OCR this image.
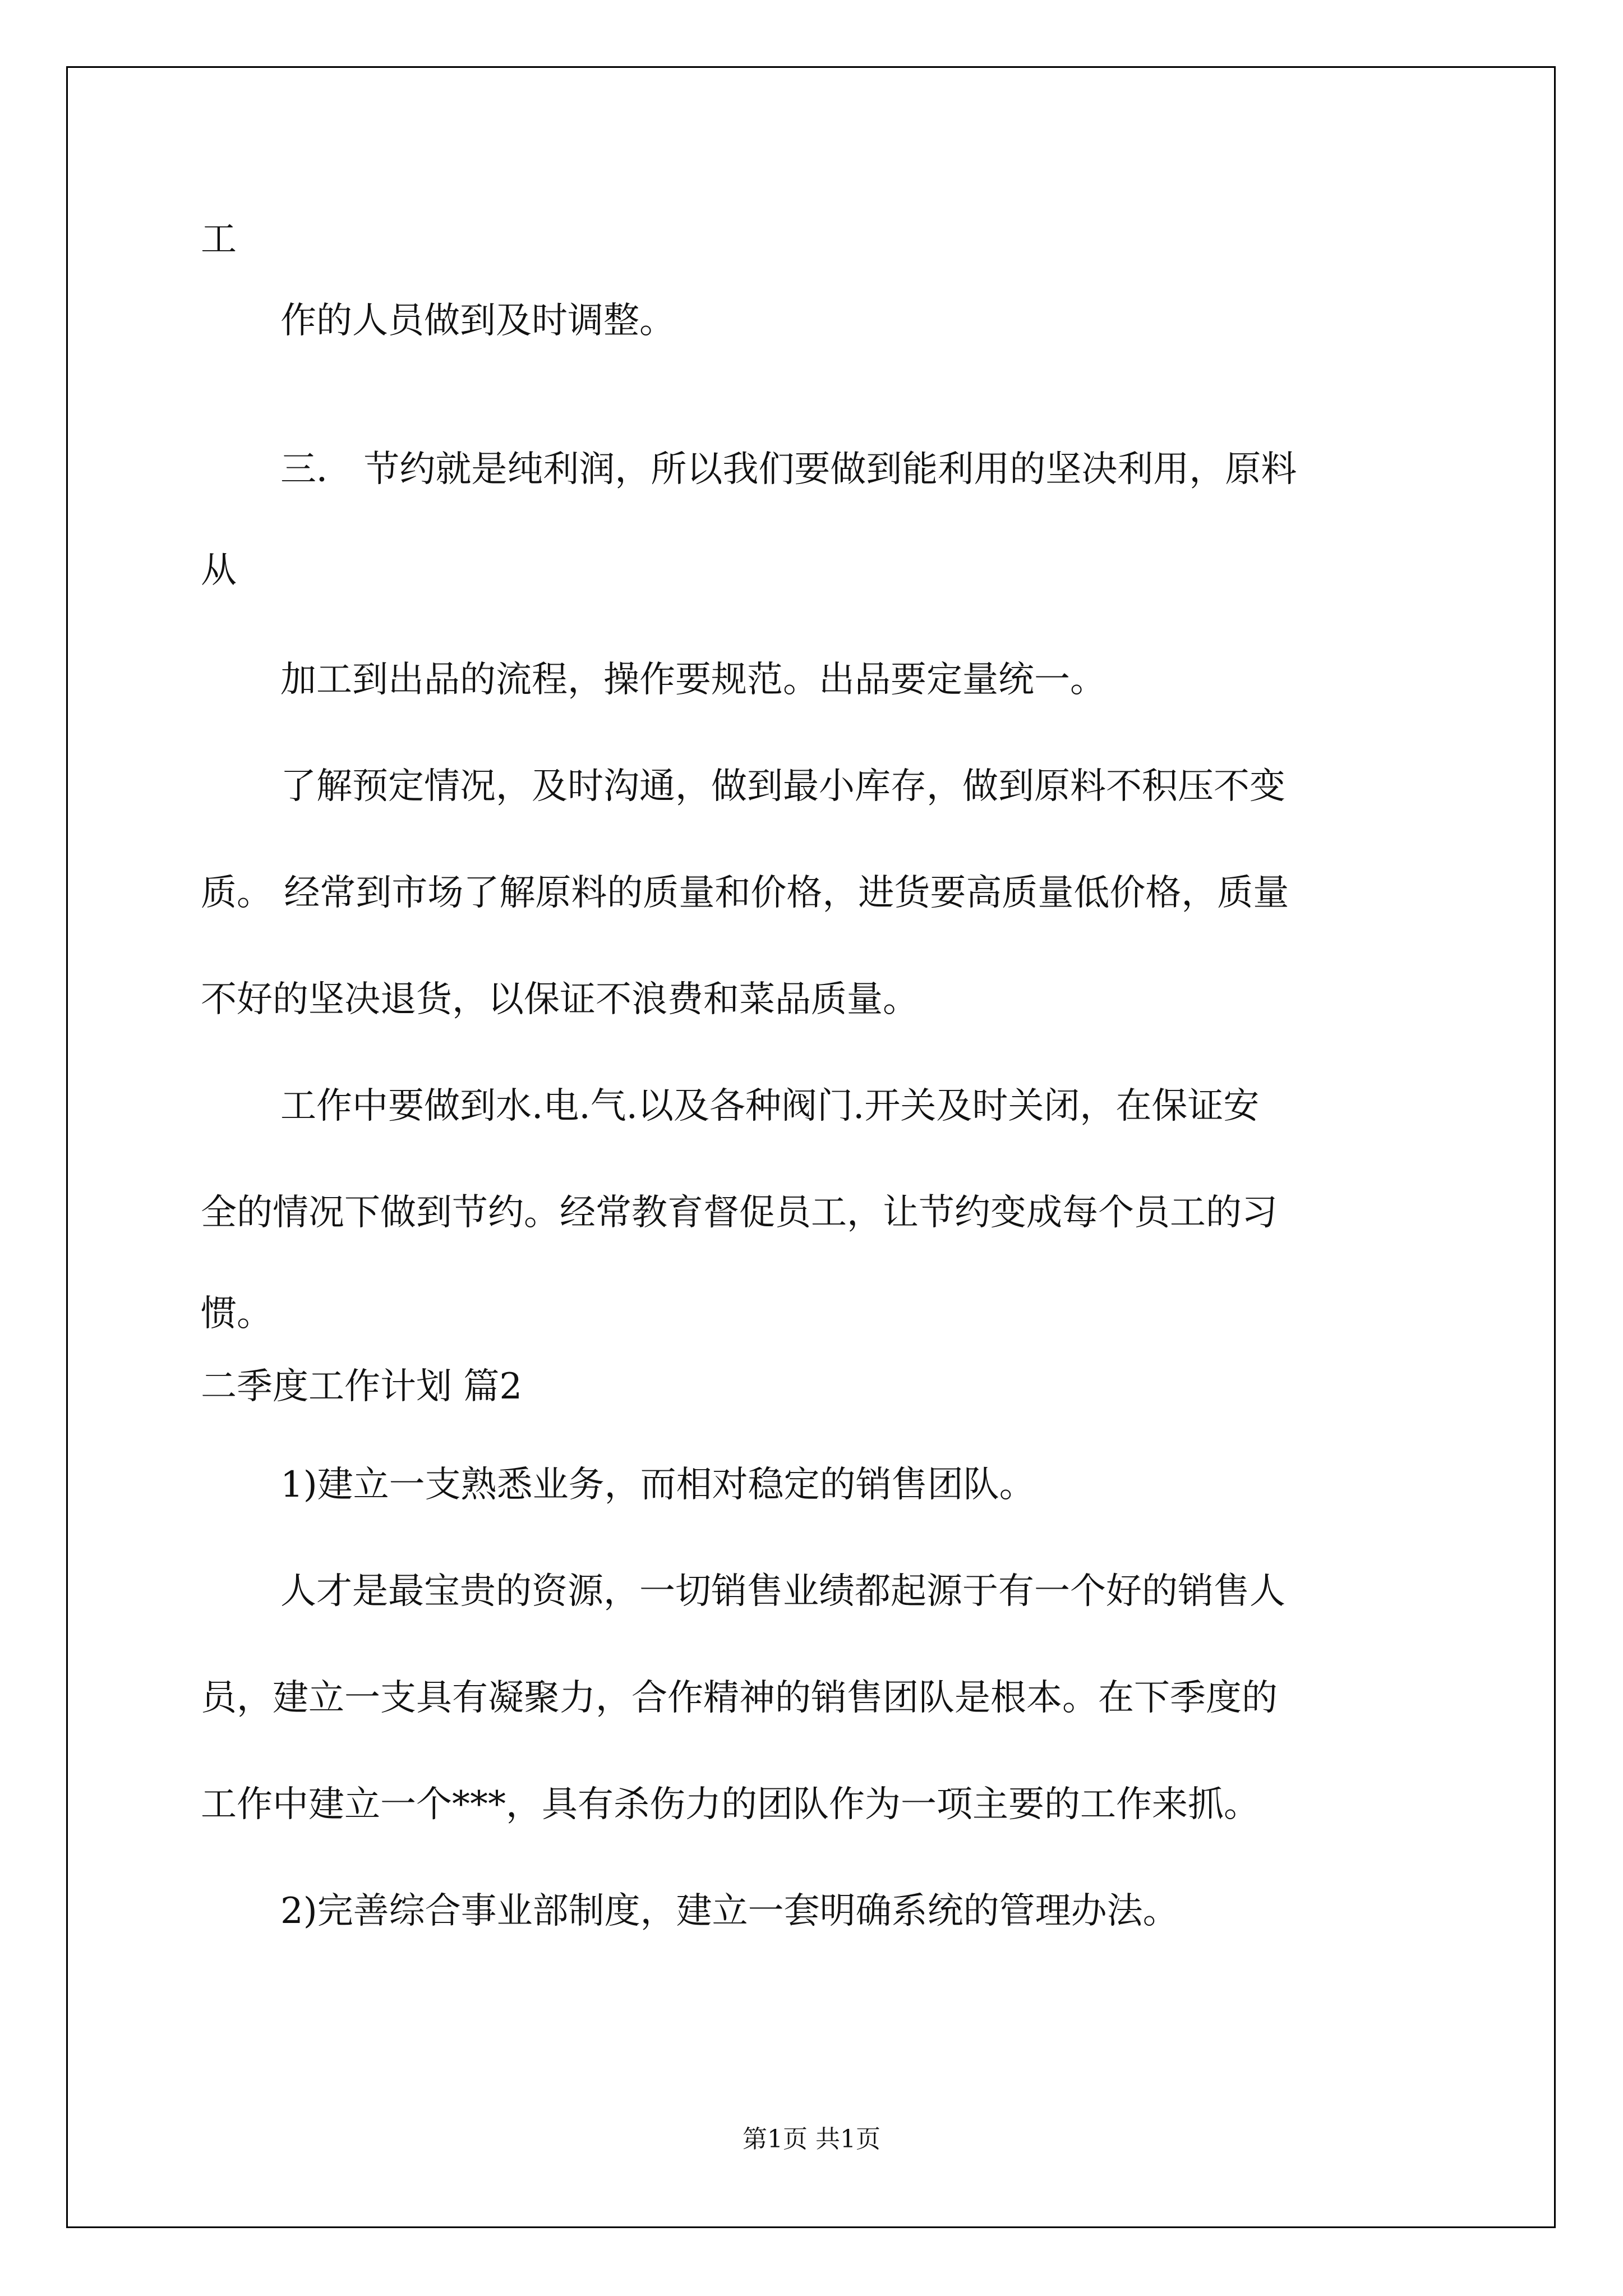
工
作的人员做到及时调整。
三． 节约就是纯利润，所以我们要做到能利用的坚决利用，原料
从
加工到出品的流程，操作要规范。出品要定量统一。
了解预定情况，及时沟通，做到最小库存，做到原料不积压不变
质。 经常到市场了解原料的质量和价格，进货要高质量低价格，质量
不好的坚决退货，以保证不浪费和菜品质量。
工作中要做到水.电.气.以及各种阀门.开关及时关闭，在保证安
全的情况下做到节约。经常教育督促员工，让节约变成每个员工的习
惯。
二季度工作计划 篇2
1)建立一支熟悉业务，而相对稳定的销售团队。
人才是最宝贵的资源，一切销售业绩都起源于有一个好的销售人
员，建立一支具有凝聚力，合作精神的销售团队是根本。在下季度的
工作中建立一个***，具有杀伤力的团队作为一项主要的工作来抓。
2)完善综合事业部制度，建立一套明确系统的管理办法。
第1页 共1页
